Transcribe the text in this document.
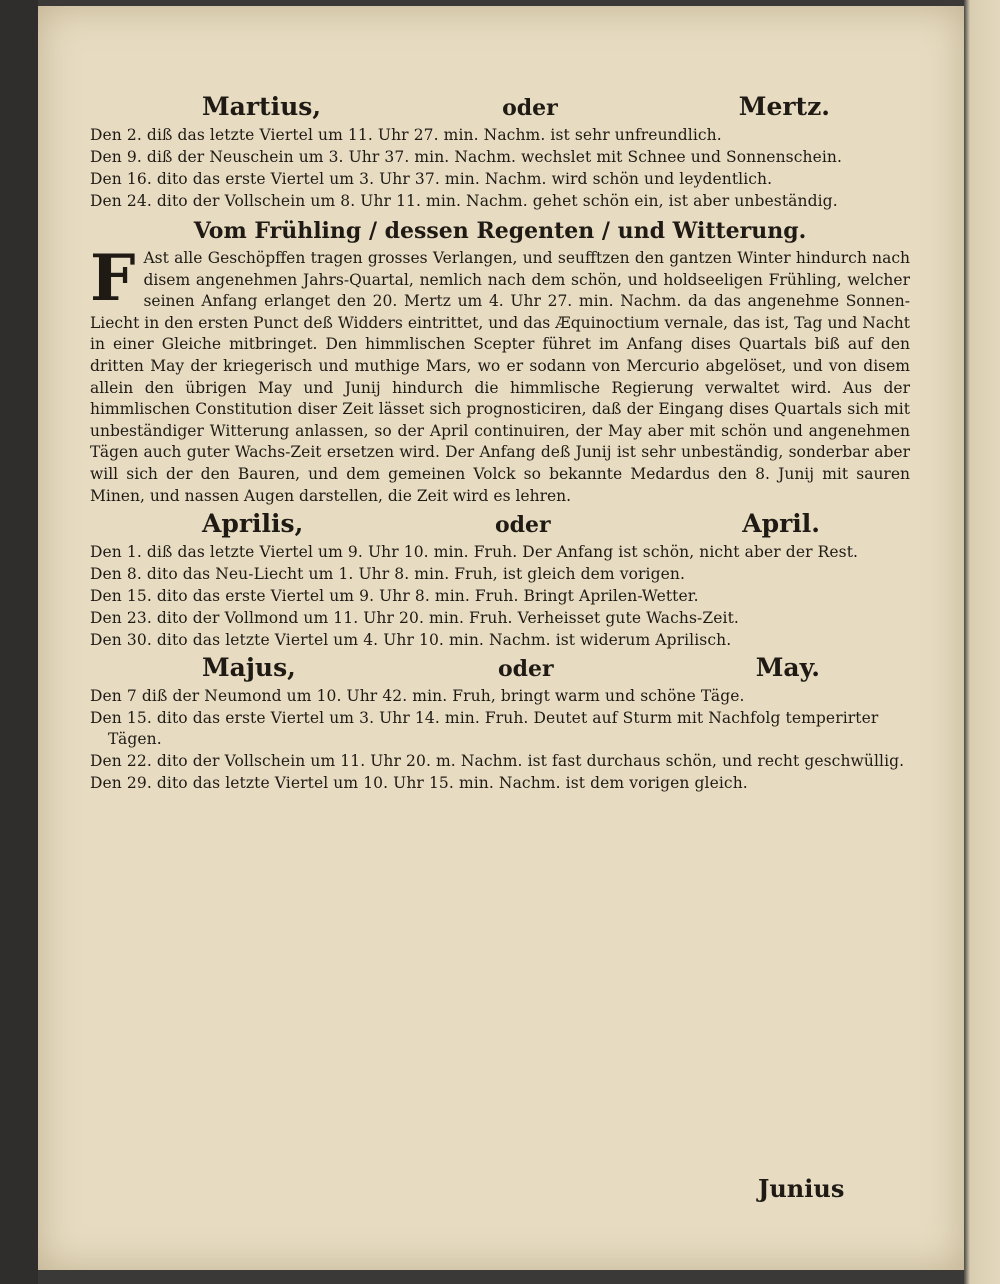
Martius,	oder	Mertz.

Den 2. diß das letzte Viertel um 11. Uhr 27. min. Nachm. ist sehr unfreundlich.

Den 9. diß der Neuschein um 3. Uhr 37. min. Nachm. wechslet mit Schnee und Sonnenschein.

Den 16. dito das erste Viertel um 3. Uhr 37. min. Nachm. wird schön und leydentlich.

Den 24. dito der Vollschein um 8. Uhr 11. min. Nachm. gehet schön ein, ist aber unbeständig.

Vom Frühling / dessen Regenten / und Witterung.

F Ast alle Geschöpffen tragen grosses Verlangen, und seufftzen den gantzen Winter hindurch nach disem angenehmen Jahrs-Quartal, nemlich nach dem schön, und holdseeligen Frühling, welcher seinen Anfang erlanget den 20. Mertz um 4. Uhr 27. min. Nachm. da das angenehme Sonnen-Liecht in den ersten Punct deß Widders eintrittet, und das Æquinoctium vernale, das ist, Tag und Nacht in einer Gleiche mitbringet. Den himmlischen Scepter führet im Anfang dises Quartals biß auf den dritten May der kriegerisch und muthige Mars, wo er sodann von Mercurio abgelöset, und von disem allein den übrigen May und Junij hindurch die himmlische Regierung verwaltet wird. Aus der himmlischen Constitution diser Zeit lässet sich prognosticiren, daß der Eingang dises Quartals sich mit unbeständiger Witterung anlassen, so der April continuiren, der May aber mit schön und angenehmen Tägen auch guter Wachs-Zeit ersetzen wird. Der Anfang deß Junij ist sehr unbeständig, sonderbar aber will sich der den Bauren, und dem gemeinen Volck so bekannte Medardus den 8. Junij mit sauren Minen, und nassen Augen darstellen, die Zeit wird es lehren.

Aprilis,	oder	April.

Den 1. diß das letzte Viertel um 9. Uhr 10. min. Fruh. Der Anfang ist schön, nicht aber der Rest.

Den 8. dito das Neu-Liecht um 1. Uhr 8. min. Fruh, ist gleich dem vorigen.

Den 15. dito das erste Viertel um 9. Uhr 8. min. Fruh. Bringt Aprilen-Wetter.

Den 23. dito der Vollmond um 11. Uhr 20. min. Fruh. Verheisset gute Wachs-Zeit.

Den 30. dito das letzte Viertel um 4. Uhr 10. min. Nachm. ist widerum Aprilisch.

Majus,	oder	May.

Den 7 diß der Neumond um 10. Uhr 42. min. Fruh, bringt warm und schöne Täge.

Den 15. dito das erste Viertel um 3. Uhr 14. min. Fruh. Deutet auf Sturm mit Nachfolg temperirter Tägen.

Den 22. dito der Vollschein um 11. Uhr 20. m. Nachm. ist fast durchaus schön, und recht geschwüllig.

Den 29. dito das letzte Viertel um 10. Uhr 15. min. Nachm. ist dem vorigen gleich.

Junius
